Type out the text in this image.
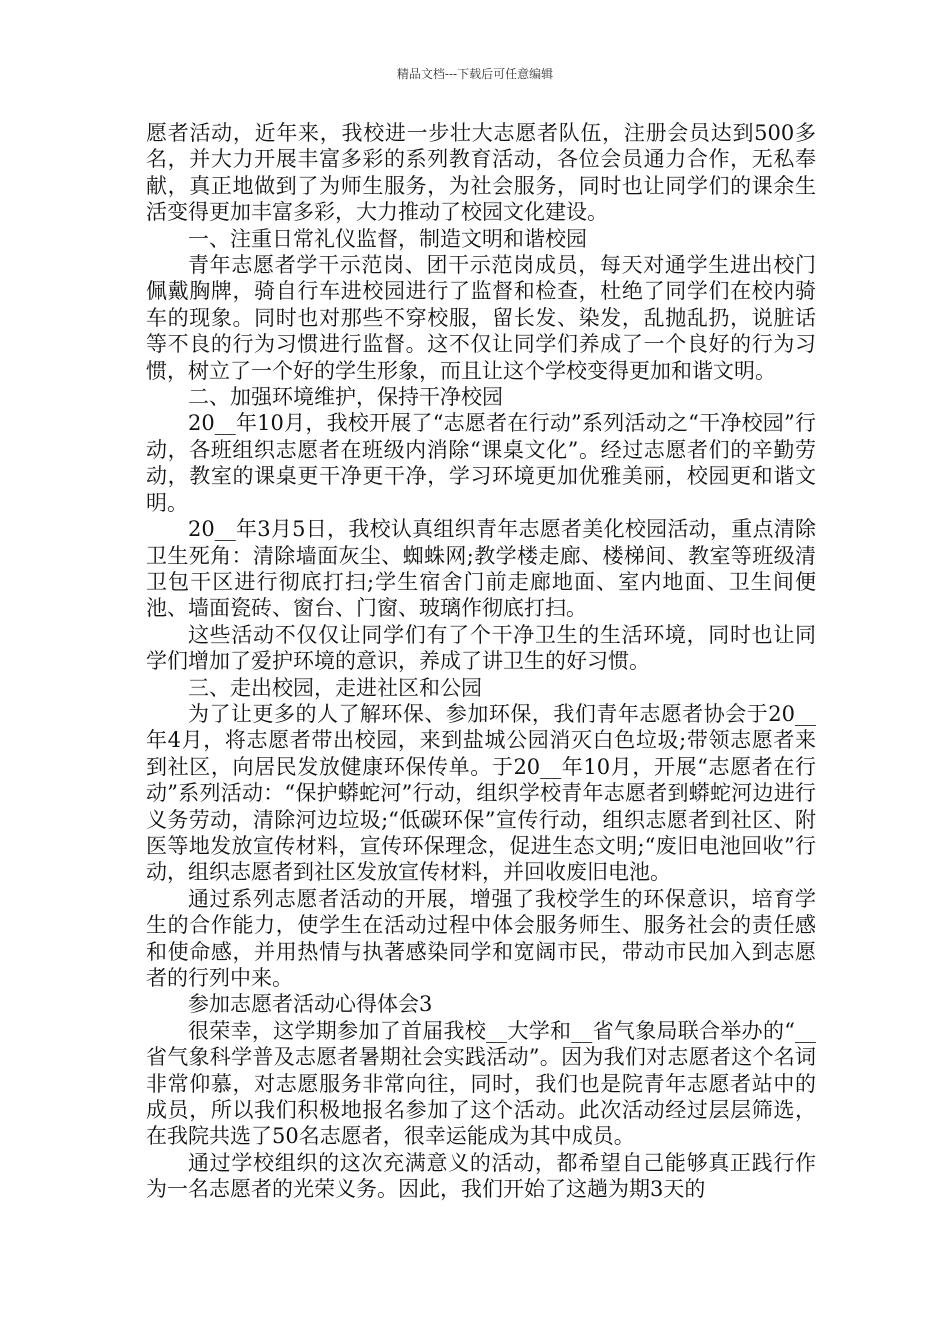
精品文档---下载后可任意编辑

愿者活动，近年来，我校进一步壮大志愿者队伍，注册会员达到500多名，并大力开展丰富多彩的系列教育活动，各位会员通力合作，无私奉献，真正地做到了为师生服务，为社会服务，同时也让同学们的课余生活变得更加丰富多彩，大力推动了校园文化建设。

一、注重日常礼仪监督，制造文明和谐校园

青年志愿者学干示范岗、团干示范岗成员，每天对通学生进出校门佩戴胸牌，骑自行车进校园进行了监督和检查，杜绝了同学们在校内骑车的现象。同时也对那些不穿校服，留长发、染发，乱抛乱扔，说脏话等不良的行为习惯进行监督。这不仅让同学们养成了一个良好的行为习惯，树立了一个好的学生形象，而且让这个学校变得更加和谐文明。

二、加强环境维护，保持干净校园

20__年10月，我校开展了“志愿者在行动”系列活动之“干净校园”行动，各班组织志愿者在班级内消除“课桌文化”。经过志愿者们的辛勤劳动，教室的课桌更干净更干净，学习环境更加优雅美丽，校园更和谐文明。

20__年3月5日，我校认真组织青年志愿者美化校园活动，重点清除卫生死角：清除墙面灰尘、蜘蛛网;教学楼走廊、楼梯间、教室等班级清卫包干区进行彻底打扫;学生宿舍门前走廊地面、室内地面、卫生间便池、墙面瓷砖、窗台、门窗、玻璃作彻底打扫。

这些活动不仅仅让同学们有了个干净卫生的生活环境，同时也让同学们增加了爱护环境的意识，养成了讲卫生的好习惯。

三、走出校园，走进社区和公园

为了让更多的人了解环保、参加环保，我们青年志愿者协会于20__年4月，将志愿者带出校园，来到盐城公园消灭白色垃圾;带领志愿者来到社区，向居民发放健康环保传单。于20__年10月，开展“志愿者在行动”系列活动：“保护蟒蛇河”行动，组织学校青年志愿者到蟒蛇河边进行义务劳动，清除河边垃圾;“低碳环保”宣传行动，组织志愿者到社区、附医等地发放宣传材料，宣传环保理念，促进生态文明;“废旧电池回收”行动，组织志愿者到社区发放宣传材料，并回收废旧电池。

通过系列志愿者活动的开展，增强了我校学生的环保意识，培育学生的合作能力，使学生在活动过程中体会服务师生、服务社会的责任感和使命感，并用热情与执著感染同学和宽阔市民，带动市民加入到志愿者的行列中来。

参加志愿者活动心得体会3

很荣幸，这学期参加了首届我校__大学和__省气象局联合举办的“__省气象科学普及志愿者暑期社会实践活动”。因为我们对志愿者这个名词非常仰慕，对志愿服务非常向往，同时，我们也是院青年志愿者站中的成员，所以我们积极地报名参加了这个活动。此次活动经过层层筛选，在我院共选了50名志愿者，很幸运能成为其中成员。

通过学校组织的这次充满意义的活动，都希望自己能够真正践行作为一名志愿者的光荣义务。因此，我们开始了这趟为期3天的
